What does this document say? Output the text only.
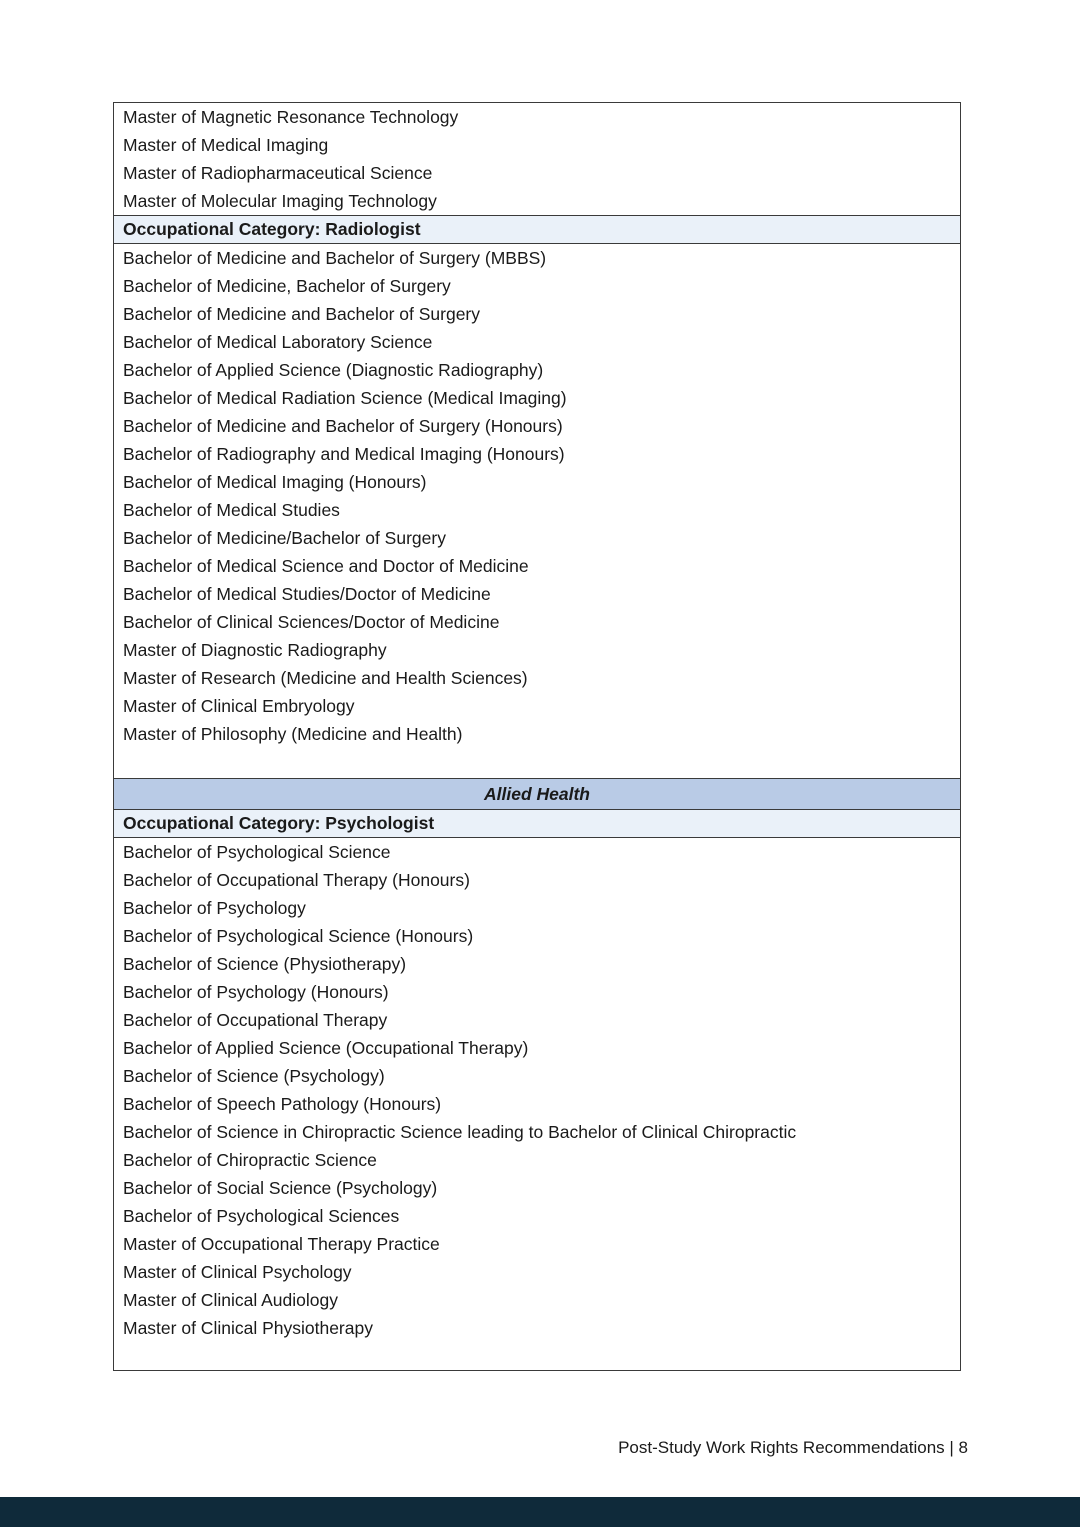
Master of Magnetic Resonance Technology
Master of Medical Imaging
Master of Radiopharmaceutical Science
Master of Molecular Imaging Technology
Occupational Category: Radiologist
Bachelor of Medicine and Bachelor of Surgery (MBBS)
Bachelor of Medicine, Bachelor of Surgery
Bachelor of Medicine and Bachelor of Surgery
Bachelor of Medical Laboratory Science
Bachelor of Applied Science (Diagnostic Radiography)
Bachelor of Medical Radiation Science (Medical Imaging)
Bachelor of Medicine and Bachelor of Surgery (Honours)
Bachelor of Radiography and Medical Imaging (Honours)
Bachelor of Medical Imaging (Honours)
Bachelor of Medical Studies
Bachelor of Medicine/Bachelor of Surgery
Bachelor of Medical Science and Doctor of Medicine
Bachelor of Medical Studies/Doctor of Medicine
Bachelor of Clinical Sciences/Doctor of Medicine
Master of Diagnostic Radiography
Master of Research (Medicine and Health Sciences)
Master of Clinical Embryology
Master of Philosophy (Medicine and Health)
Allied Health
Occupational Category: Psychologist
Bachelor of Psychological Science
Bachelor of Occupational Therapy (Honours)
Bachelor of Psychology
Bachelor of Psychological Science (Honours)
Bachelor of Science (Physiotherapy)
Bachelor of Psychology (Honours)
Bachelor of Occupational Therapy
Bachelor of Applied Science (Occupational Therapy)
Bachelor of Science (Psychology)
Bachelor of Speech Pathology (Honours)
Bachelor of Science in Chiropractic Science leading to Bachelor of Clinical Chiropractic
Bachelor of Chiropractic Science
Bachelor of Social Science (Psychology)
Bachelor of Psychological Sciences
Master of Occupational Therapy Practice
Master of Clinical Psychology
Master of Clinical Audiology
Master of Clinical Physiotherapy
Post-Study Work Rights Recommendations | 8
